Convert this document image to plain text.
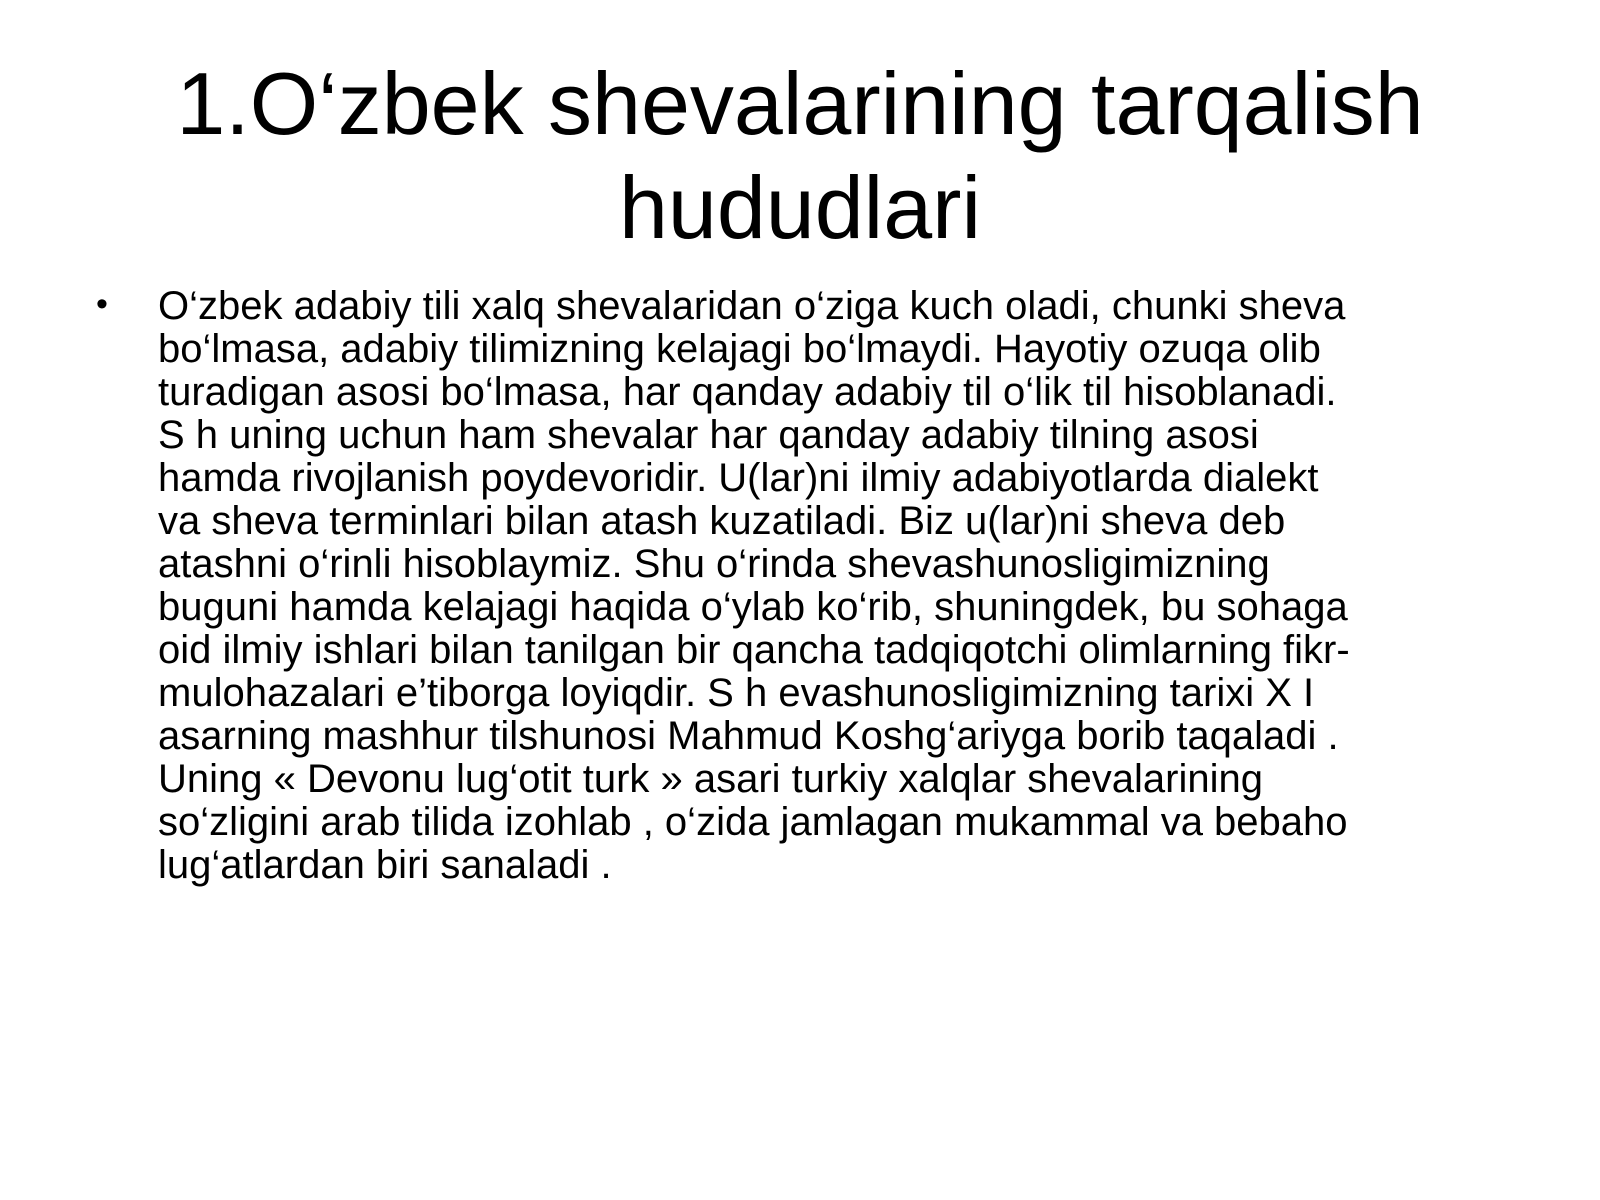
1.O‘zbek shevalarining tarqalish
hududlari
• O‘zbek adabiy tili xalq shevalaridan o‘ziga kuch oladi, chunki sheva
bo‘lmasa, adabiy tilimizning kelajagi bo‘lmaydi. Hayotiy ozuqa olib
turadigan asosi bo‘lmasa, har qanday adabiy til o‘lik til hisoblanadi.
S h uning uchun ham shevalar har qanday adabiy tilning asosi
hamda rivojlanish poydevoridir. U(lar)ni ilmiy adabiyotlarda dialekt
va sheva terminlari bilan atash kuzatiladi. Biz u(lar)ni sheva deb
atashni o‘rinli hisoblaymiz. Shu o‘rinda shevashunosligimizning
buguni hamda kelajagi haqida o‘ylab ko‘rib, shuningdek, bu sohaga
oid ilmiy ishlari bilan tanilgan bir qancha tadqiqotchi olimlarning fikr-
mulohazalari e’tiborga loyiqdir. S h evashunosligimizning tarixi X I
asarning mashhur tilshunosi Mahmud Koshg‘ariyga borib taqaladi .
Uning « Devonu lug‘otit turk » asari turkiy xalqlar shevalarining
so‘zligini arab tilida izohlab , o‘zida jamlagan mukammal va bebaho
lug‘atlardan biri sanaladi .
